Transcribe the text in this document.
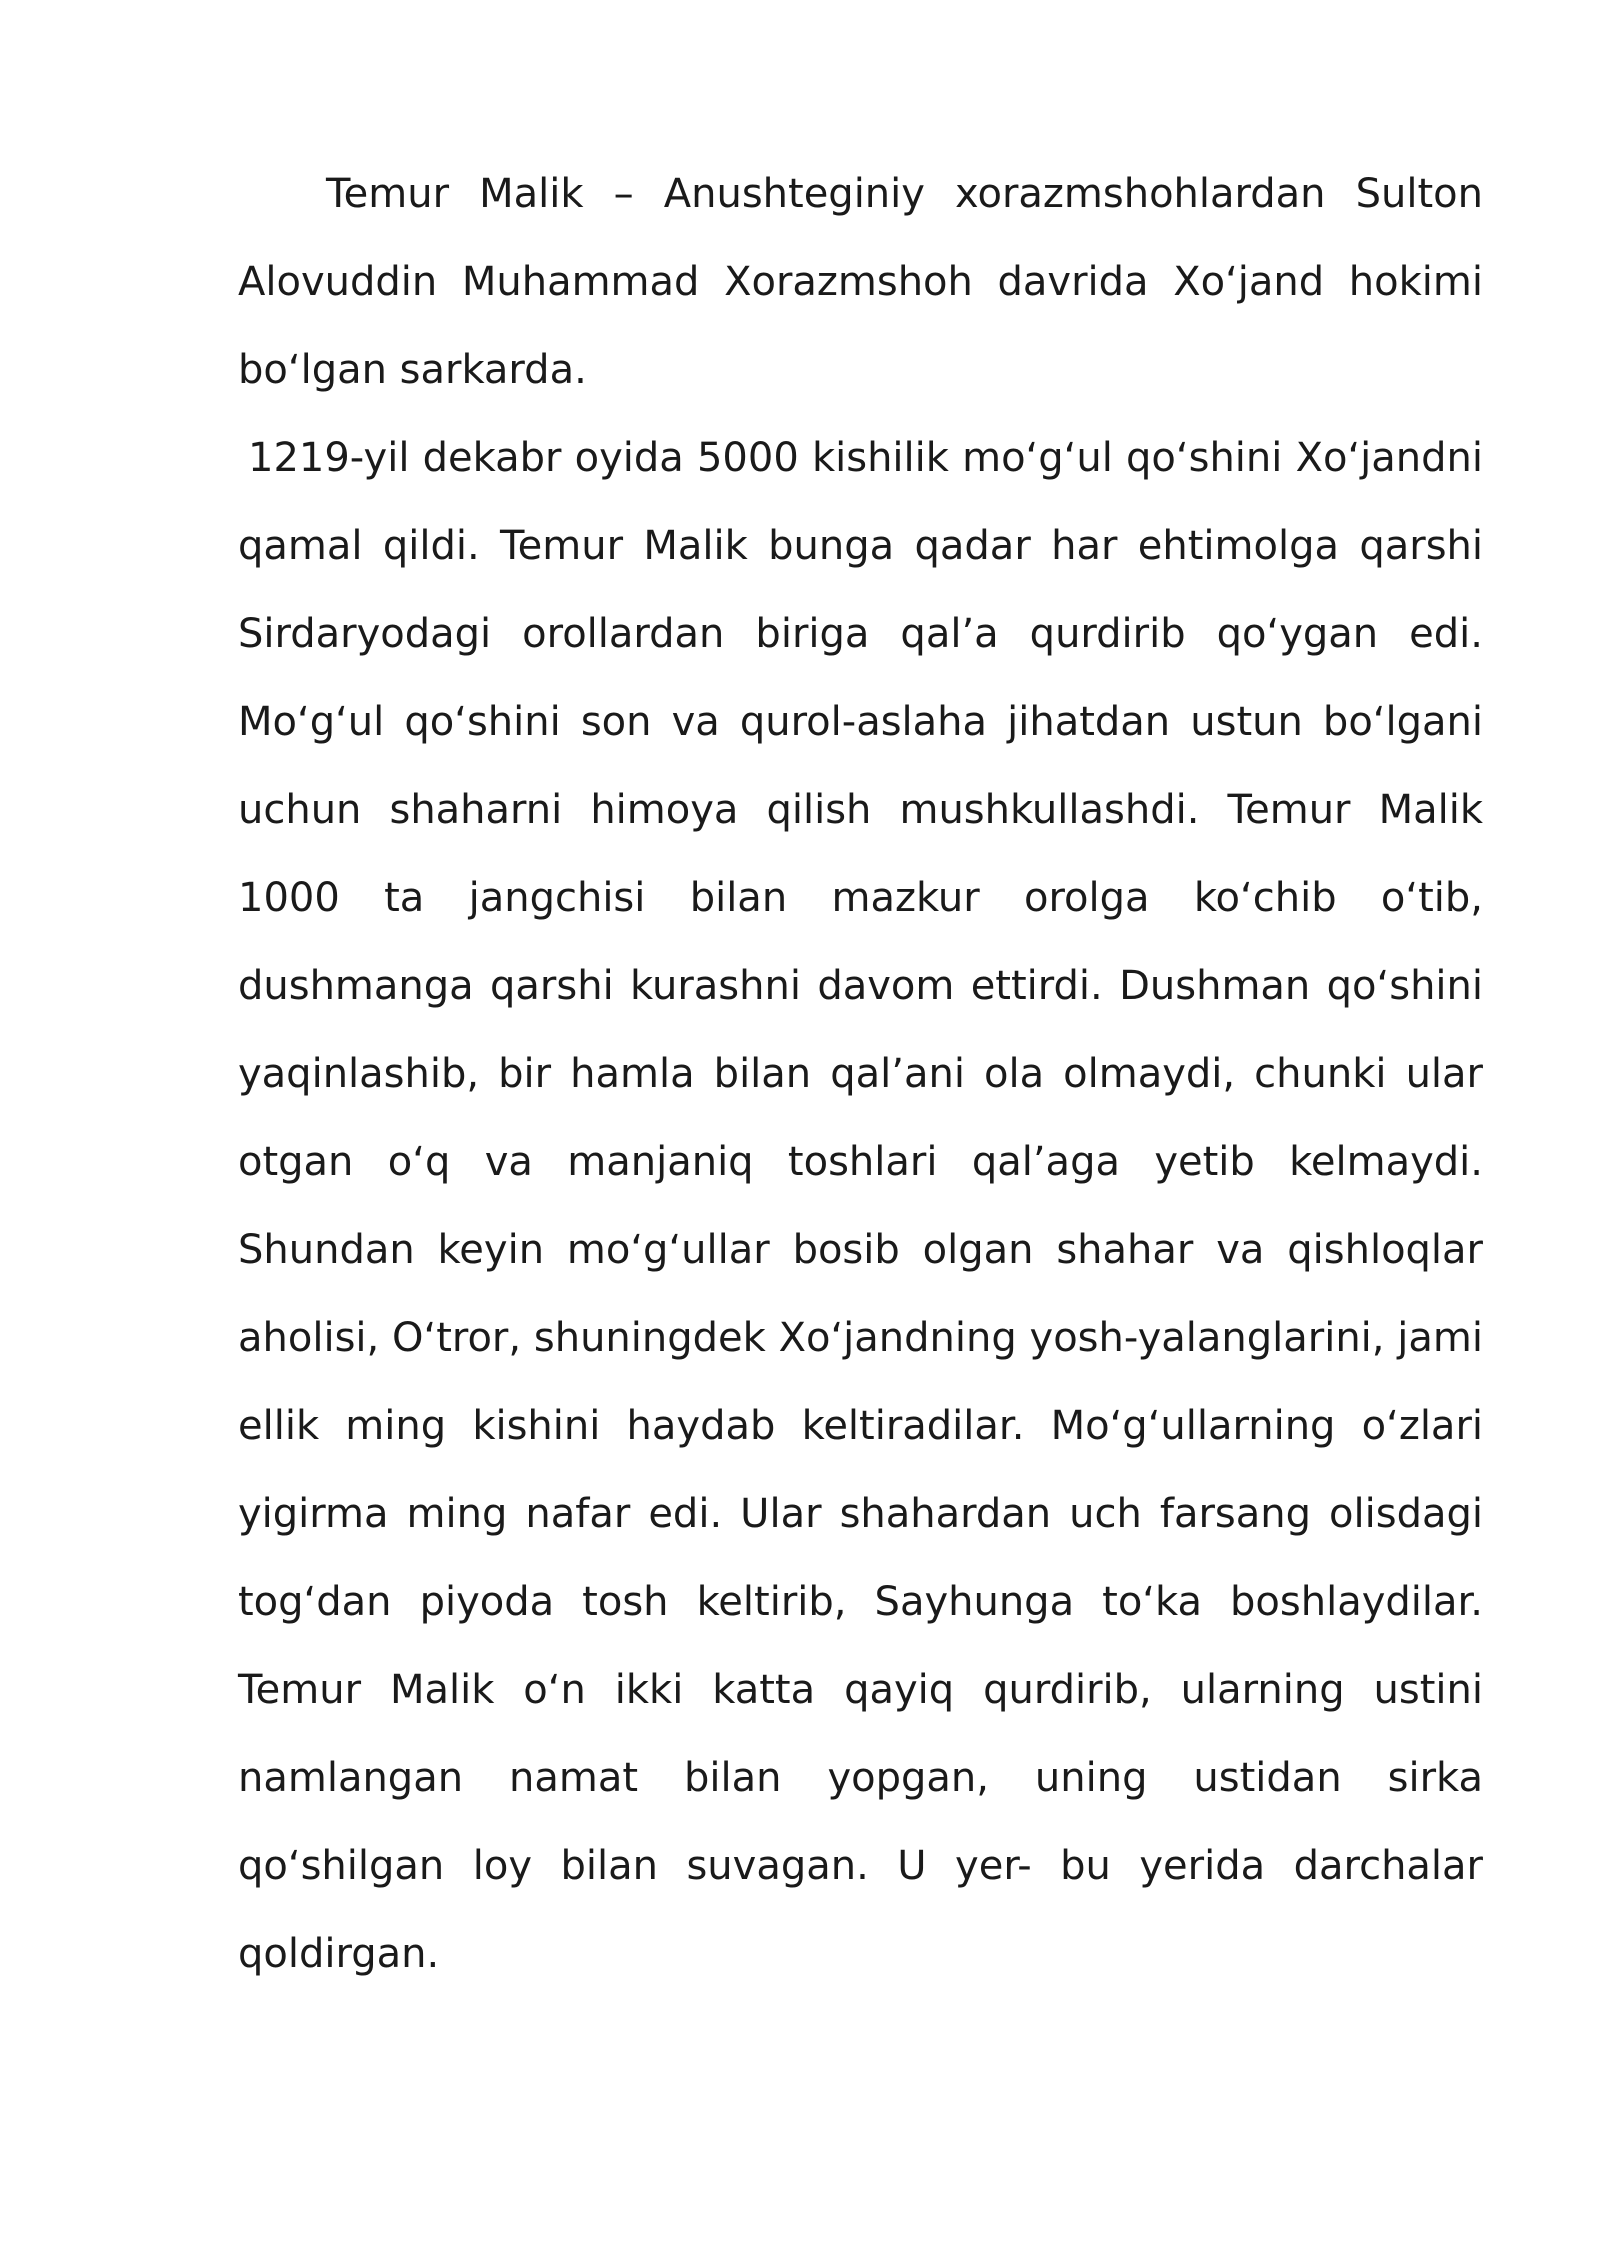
Temur Malik – Anushteginiy xorazmshohlardan Sulton Alovuddin Muhammad Xorazmshoh davrida Xo‘jand hokimi bo‘lgan sarkarda.

1219-yil dekabr oyida 5000 kishilik mo‘g‘ul qo‘shini Xo‘jandni qamal qildi. Temur Malik bunga qadar har ehtimolga qarshi Sirdaryodagi orollardan biriga qal’a qurdirib qo‘ygan edi. Mo‘g‘ul qo‘shini son va qurol-aslaha jihatdan ustun bo‘lgani uchun shaharni himoya qilish mushkullashdi. Temur Malik 1000 ta jangchisi bilan mazkur orolga ko‘chib o‘tib, dushmanga qarshi kurashni davom ettirdi. Dushman qo‘shini yaqinlashib, bir hamla bilan qal’ani ola olmaydi, chunki ular otgan o‘q va manjaniq toshlari qal’aga yetib kelmaydi. Shundan keyin mo‘g‘ullar bosib olgan shahar va qishloqlar aholisi, O‘tror, shuningdek Xo‘jandning yosh-yalanglarini, jami ellik ming kishini haydab keltiradilar. Mo‘g‘ullarning o‘zlari yigirma ming nafar edi. Ular shahardan uch farsang olisdagi tog‘dan piyoda tosh keltirib, Sayhunga to‘ka boshlaydilar. Temur Malik o‘n ikki katta qayiq qurdirib, ularning ustini namlangan namat bilan yopgan, uning ustidan sirka qo‘shilgan loy bilan suvagan. U yer- bu yerida darchalar qoldirgan.
